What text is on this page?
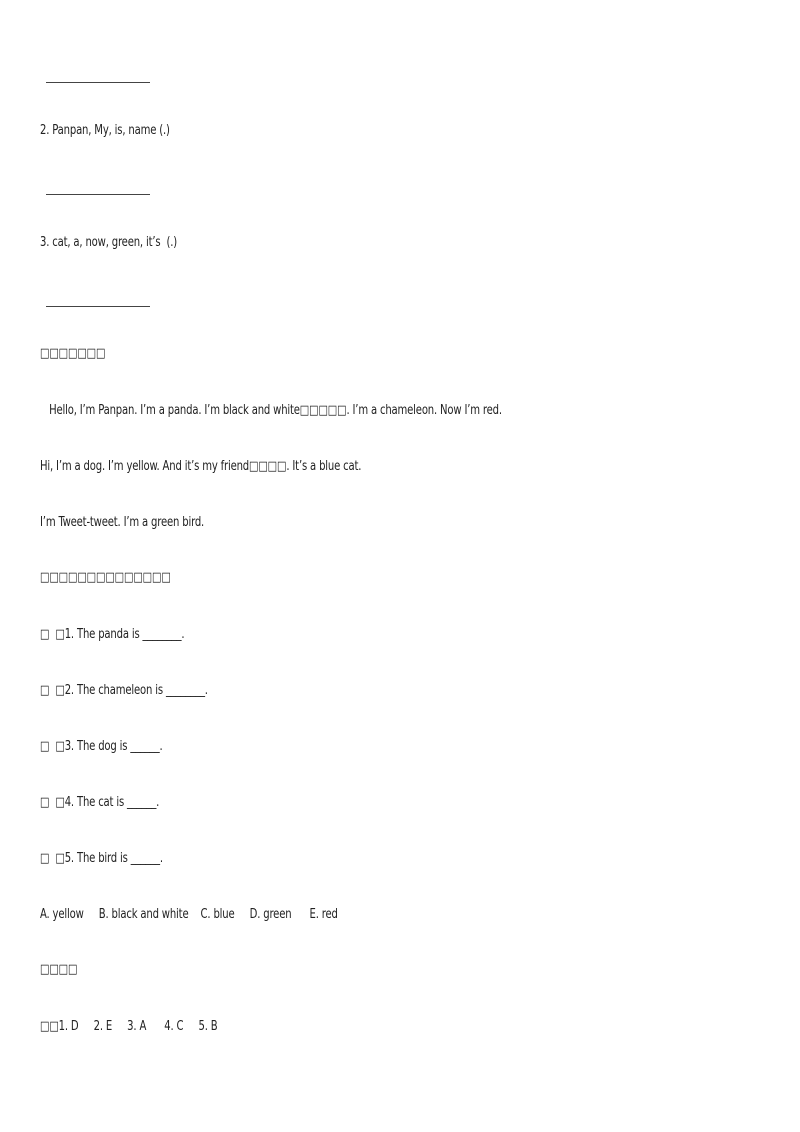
2. Panpan, My, is, name (.)
3. cat, a, now, green, it’s  (.)
□□□□□□□
Hello, I’m Panpan. I’m a panda. I’m black and white□□□□□. I’m a chameleon. Now I’m red.
Hi, I’m a dog. I’m yellow. And it’s my friend□□□□. It’s a blue cat.
I’m Tweet-tweet. I’m a green bird.
□□□□□□□□□□□□□□
□  □1. The panda is ________.
□  □2. The chameleon is ________.
□  □3. The dog is ______.
□  □4. The cat is ______.
□  □5. The bird is ______.
A. yellow     B. black and white    C. blue     D. green      E. red
□□□□
□□1. D     2. E     3. A      4. C     5. B
